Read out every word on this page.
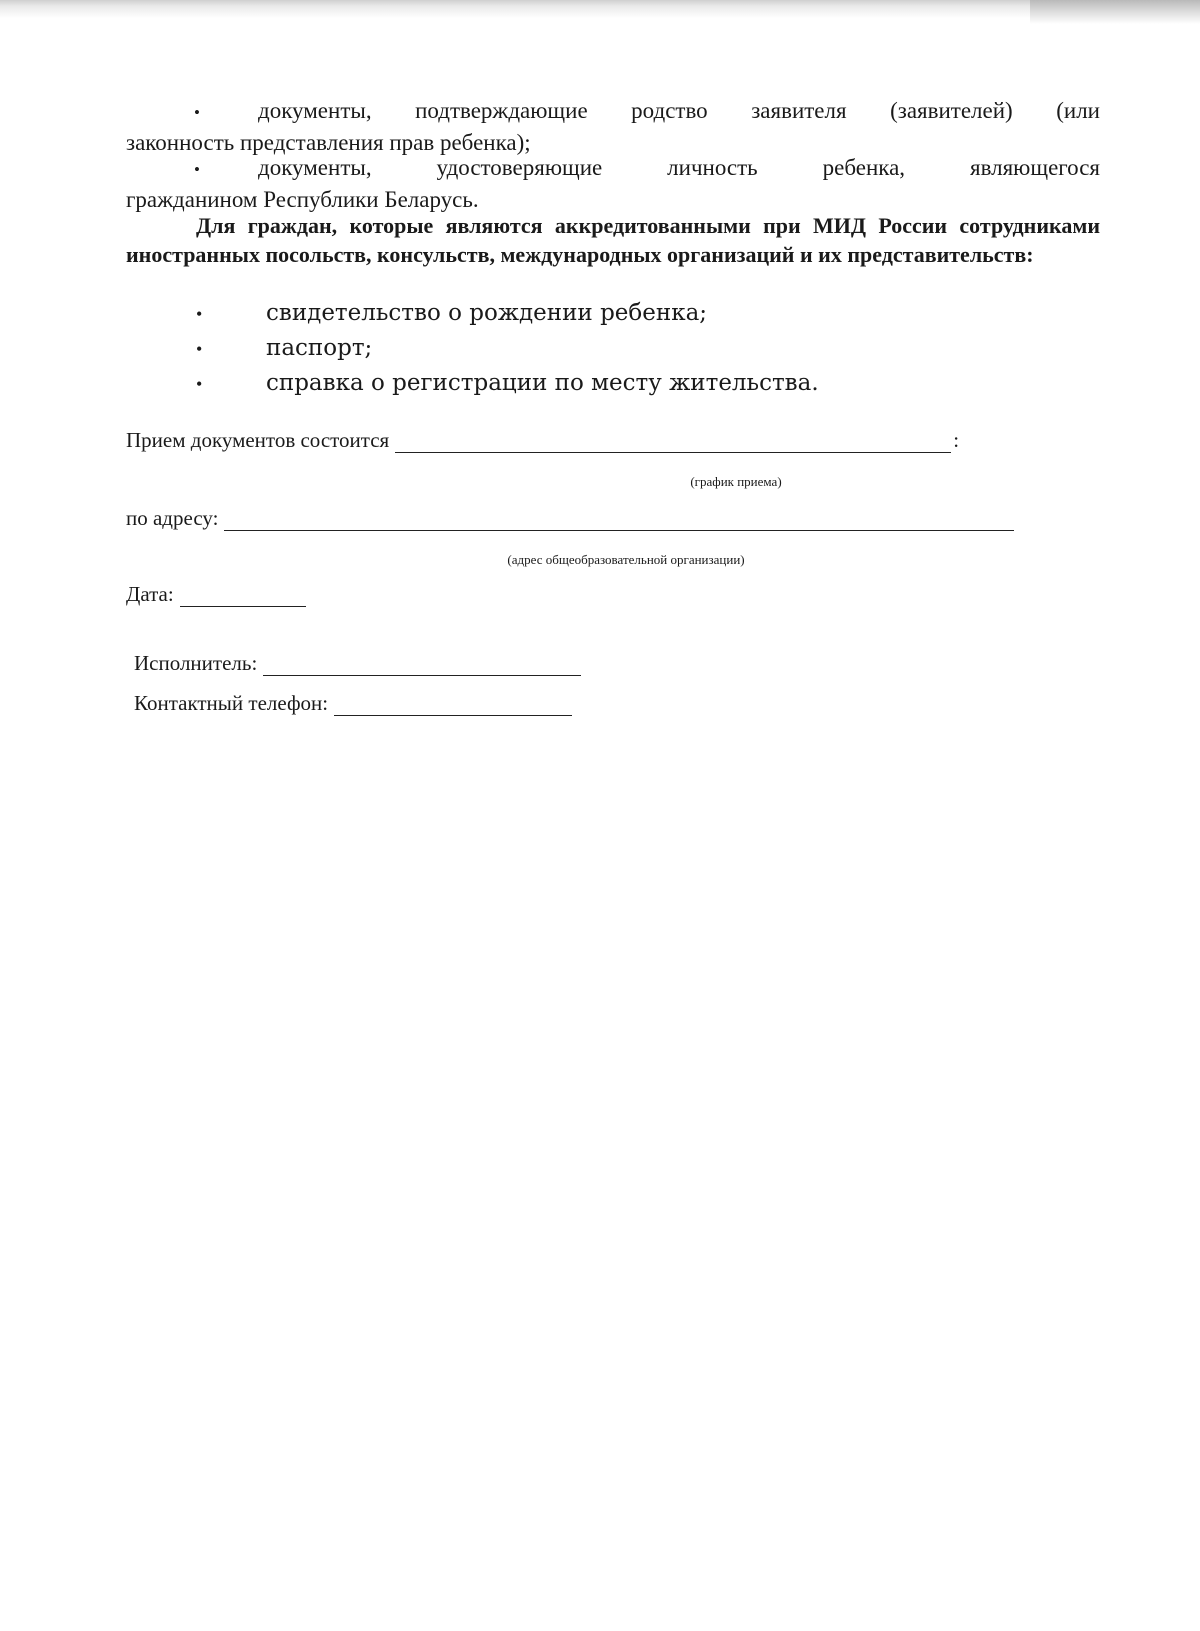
•	документы, подтверждающие родство заявителя (заявителей) (или
законность представления прав ребенка);
•	документы, удостоверяющие личность ребенка, являющегося
гражданином Республики Беларусь.

Для граждан, которые являются аккредитованными при МИД России сотрудниками иностранных посольств, консульств, международных организаций и их представительств:

•	свидетельство о рождении ребенка;
•	паспорт;
•	справка о регистрации по месту жительства.
Прием документов состоится	:
(график приема)
по адресу:
(адрес общеобразовательной организации)
Дата:
Исполнитель:
Контактный телефон:
